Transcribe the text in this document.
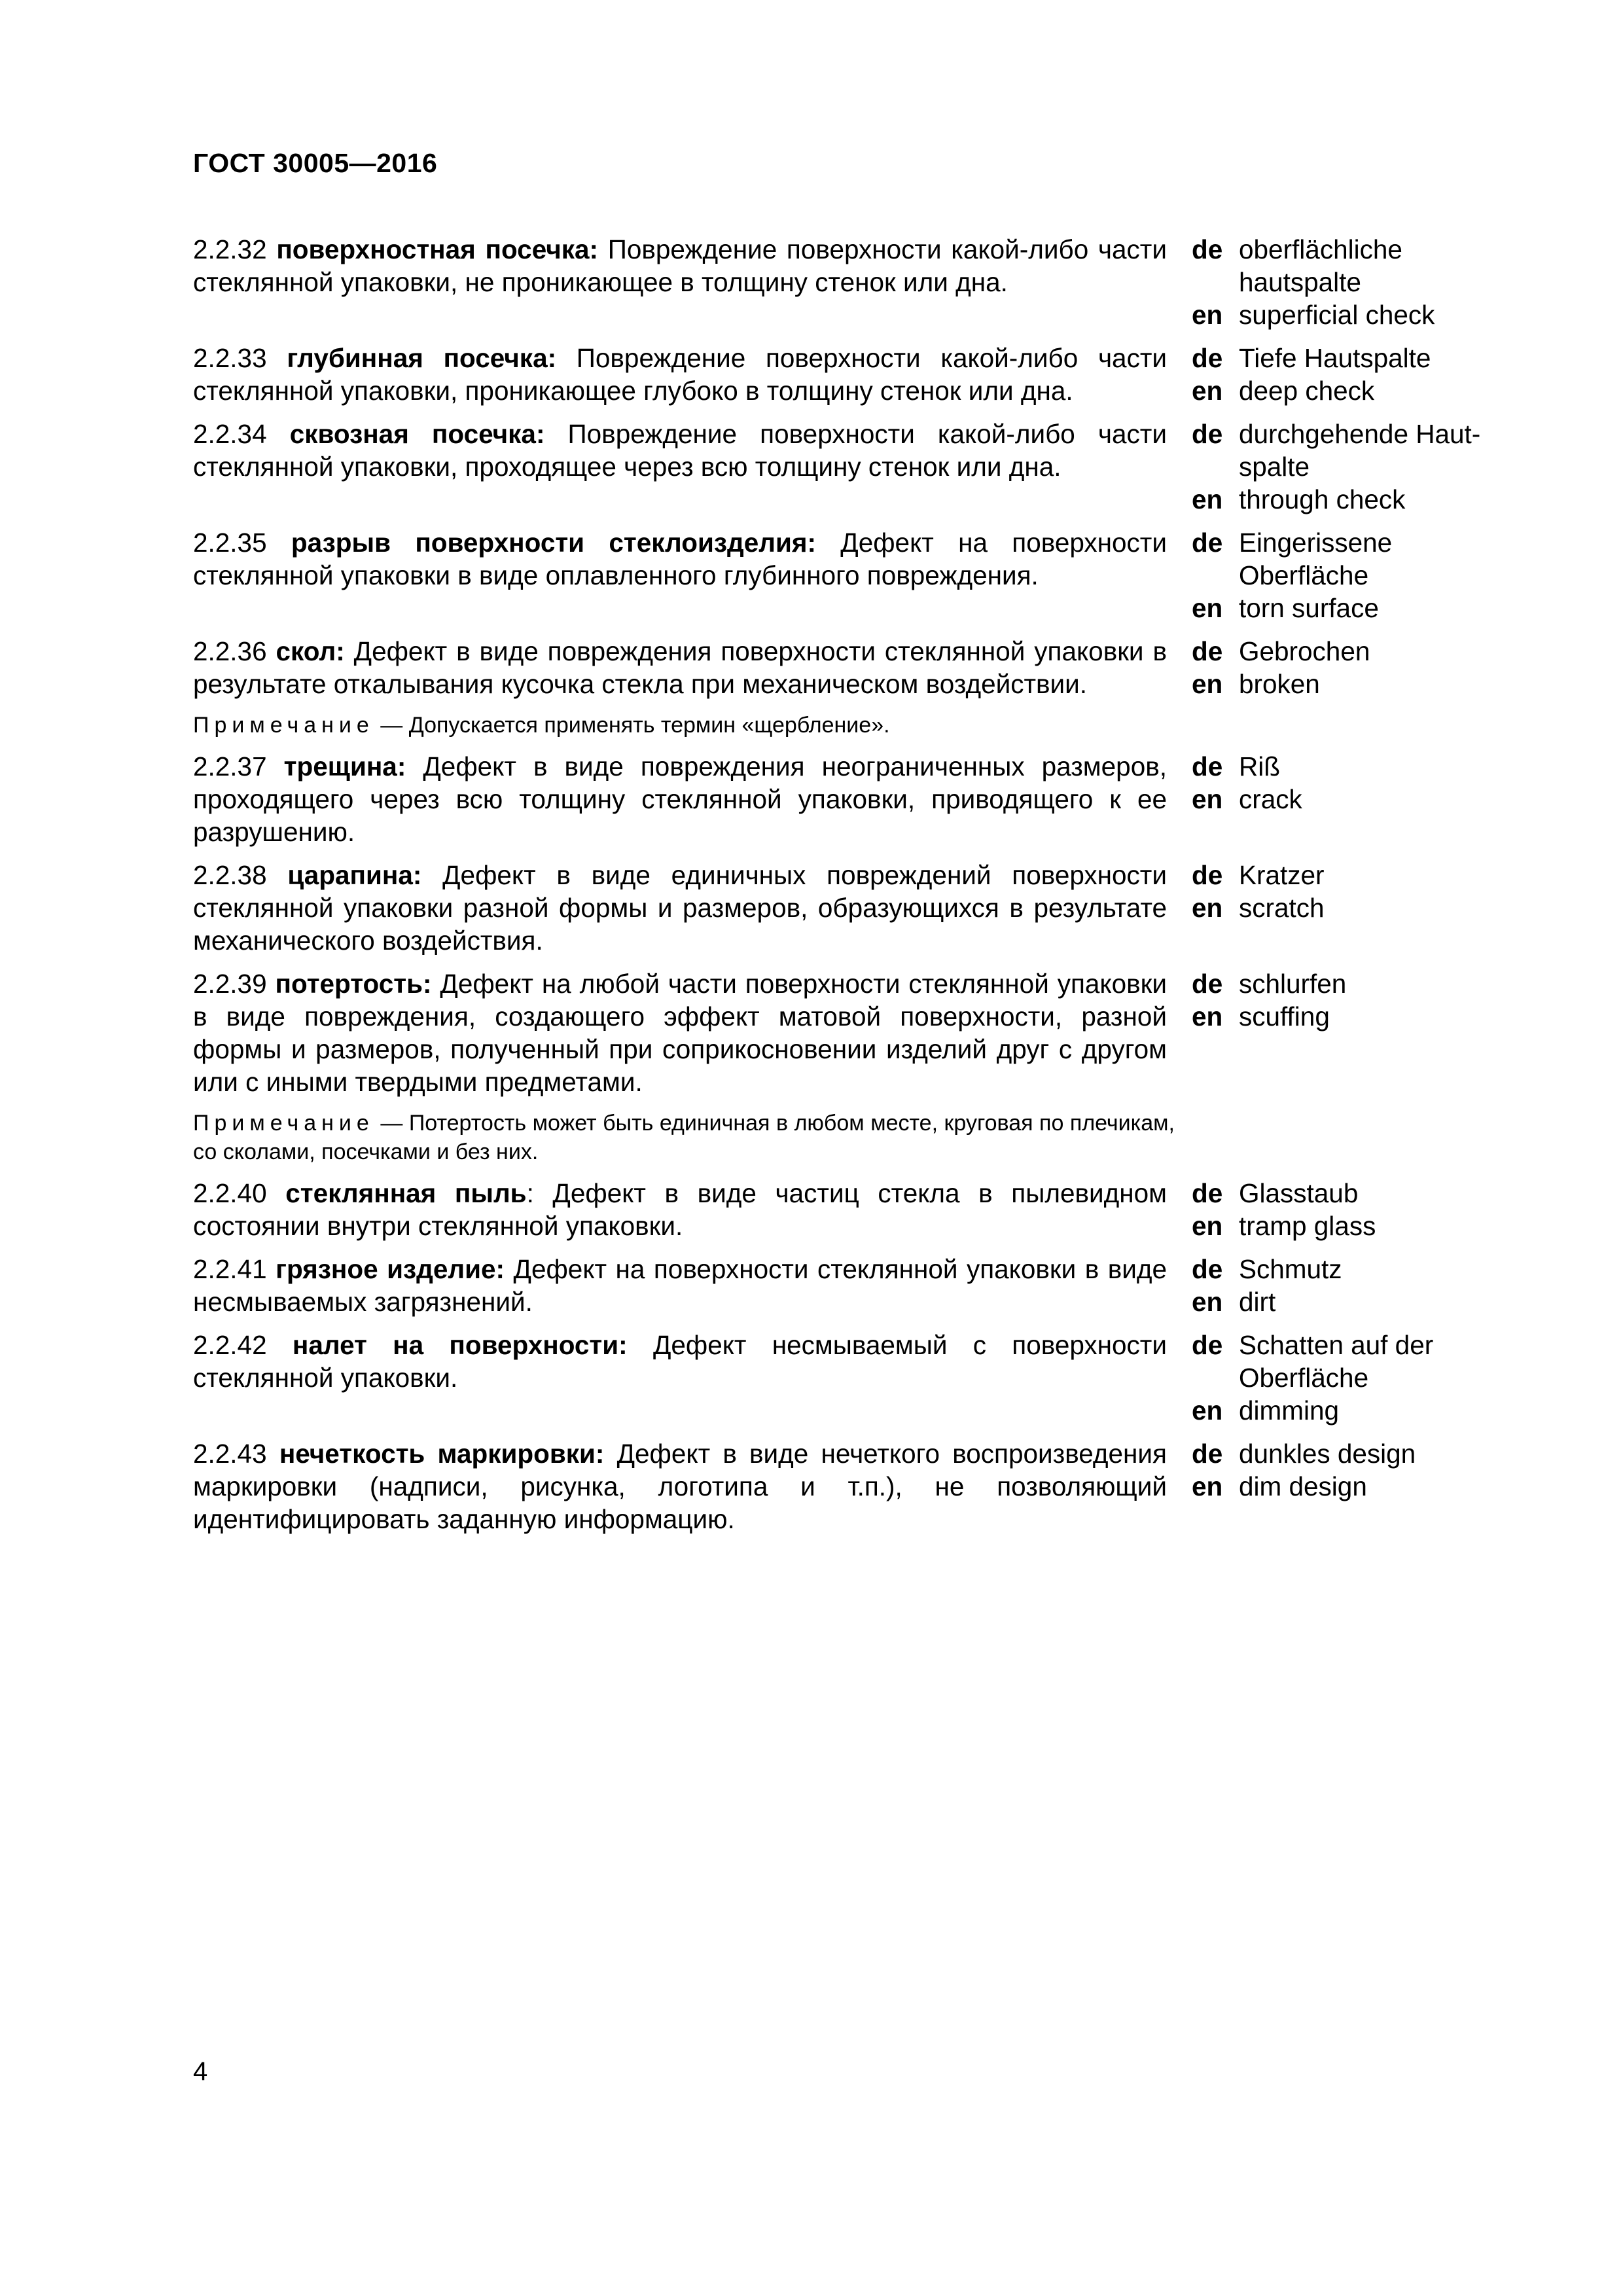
ГОСТ 30005—2016
2.2.32 поверхностная посечка: Повреждение поверхности какой-либо части стеклянной упаковки, не проникающее в толщину стенок или дна.
de

en
oberflächliche
hautspalte
superficial check
2.2.33 глубинная посечка: Повреждение поверхности какой-либо части стеклянной упаковки, проникающее глубоко в толщину стенок или дна.
de
en
Tiefe Hautspalte
deep check
2.2.34 сквозная посечка: Повреждение поверхности какой-либо части стеклянной упаковки, проходящее через всю толщину стенок или дна.
de

en
durchgehende Haut-
spalte
through check
2.2.35 разрыв поверхности стеклоизделия: Дефект на поверхности стеклянной упаковки в виде оплавленного глубинного повреждения.
de

en
Eingerissene
Oberfläche
torn surface
2.2.36 скол: Дефект в виде повреждения поверхности стеклянной упаковки в результате откалывания кусочка стекла при механическом воздействии.
de
en
Gebrochen
broken
Примечание — Допускается применять термин «щербление».
2.2.37 трещина: Дефект в виде повреждения неограниченных размеров, проходящего через всю толщину стеклянной упаковки, приводящего к ее разрушению.
de
en
Riß
crack
2.2.38 царапина: Дефект в виде единичных повреждений поверхности стеклянной упаковки разной формы и размеров, образующихся в результате механического воздействия.
de
en
Kratzer
scratch
2.2.39 потертость: Дефект на любой части поверхности стеклянной упаковки в виде повреждения, создающего эффект матовой поверхности, разной формы и размеров, полученный при соприкосновении изделий друг с другом или с иными твердыми предметами.
de
en
schlurfen
scuffing
Примечание — Потертость может быть единичная в любом месте, круговая по плечикам, со сколами, посечками и без них.
2.2.40 стеклянная пыль: Дефект в виде частиц стекла в пылевидном состоянии внутри стеклянной упаковки.
de
en
Glasstaub
tramp glass
2.2.41 грязное изделие: Дефект на поверхности стеклянной упаковки в виде несмываемых загрязнений.
de
en
Schmutz
dirt
2.2.42 налет на поверхности: Дефект несмываемый с поверхности стеклянной упаковки.
de

en
Schatten auf der
Oberfläche
dimming
2.2.43 нечеткость маркировки: Дефект в виде нечеткого воспроизведения маркировки (надписи, рисунка, логотипа и т.п.), не позволяющий идентифицировать заданную информацию.
de
en
dunkles design
dim design
4
